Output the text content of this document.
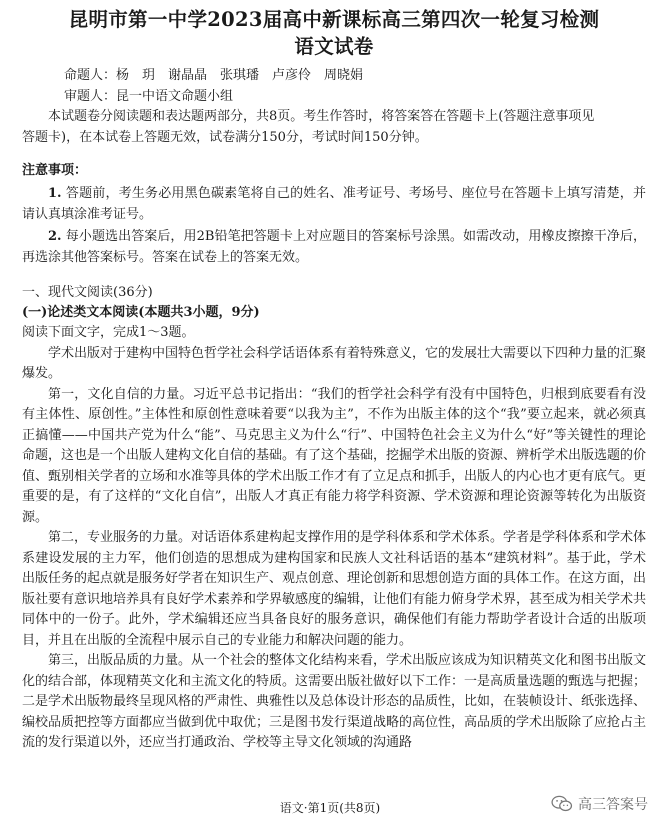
昆明市第一中学2023届高中新课标高三第四次一轮复习检测
语文试卷
命题人：杨　玥　谢晶晶　张琪璠　卢彦伶　周晓娟
审题人：昆一中语文命题小组
本试题卷分阅读题和表达题两部分，共8页。考生作答时，将答案答在答题卡上(答题注意事项见
答题卡)，在本试卷上答题无效，试卷满分150分，考试时间150分钟。
注意事项：

1. 答题前，考生务必用黑色碳素笔将自己的姓名、准考证号、考场号、座位号在答题卡上填写清楚，并请认真填涂准考证号。

2. 每小题选出答案后，用2B铅笔把答题卡上对应题目的答案标号涂黑。如需改动，用橡皮擦擦干净后，再选涂其他答案标号。答案在试卷上的答案无效。

一、现代文阅读(36分)
(一)论述类文本阅读(本题共3小题，9分)
阅读下面文字，完成1～3题。

学术出版对于建构中国特色哲学社会科学话语体系有着特殊意义，它的发展壮大需要以下四种力量的汇聚爆发。

第一，文化自信的力量。习近平总书记指出：“我们的哲学社会科学有没有中国特色，归根到底要看有没有主体性、原创性。”主体性和原创性意味着要“以我为主”，不作为出版主体的这个“我”要立起来，就必须真正搞懂——中国共产党为什么“能”、马克思主义为什么“行”、中国特色社会主义为什么“好”等关键性的理论命题，这也是一个出版人建构文化自信的基础。有了这个基础，挖掘学术出版的资源、辨析学术出版选题的价值、甄别相关学者的立场和水准等具体的学术出版工作才有了立足点和抓手，出版人的内心也才更有底气。更重要的是，有了这样的“文化自信”，出版人才真正有能力将学科资源、学术资源和理论资源等转化为出版资源。

第二，专业服务的力量。对话语体系建构起支撑作用的是学科体系和学术体系。学者是学科体系和学术体系建设发展的主力军，他们创造的思想成为建构国家和民族人文社科话语的基本“建筑材料”。基于此，学术出版任务的起点就是服务好学者在知识生产、观点创意、理论创新和思想创造方面的具体工作。在这方面，出版社要有意识地培养具有良好学术素养和学界敏感度的编辑，让他们有能力俯身学术界，甚至成为相关学术共同体中的一份子。此外，学术编辑还应当具备良好的服务意识，确保他们有能力帮助学者设计合适的出版项目，并且在出版的全流程中展示自己的专业能力和解决问题的能力。

第三，出版品质的力量。从一个社会的整体文化结构来看，学术出版应该成为知识精英文化和图书出版文化的结合部，体现精英文化和主流文化的特质。这需要出版社做好以下工作：一是高质量选题的甄选与把握；二是学术出版物最终呈现风格的严肃性、典雅性以及总体设计形态的品质性，比如，在装帧设计、纸张选择、编校品质把控等方面都应当做到优中取优；三是图书发行渠道战略的高位性，高品质的学术出版除了应抢占主流的发行渠道以外，还应当打通政治、学校等主导文化领域的沟通路

语文·第1页(共8页)	高三答案号
